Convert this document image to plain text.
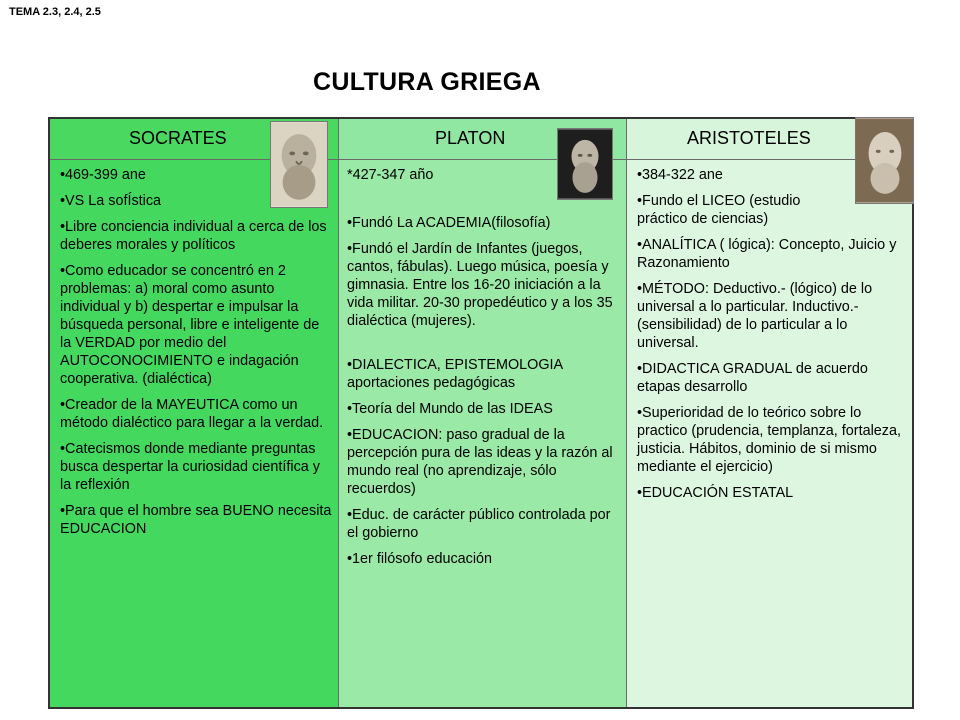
TEMA 2.3, 2.4, 2.5
CULTURA GRIEGA
SOCRATES
• 469-399 ane
• VS La sofÍstica
• Libre conciencia individual a cerca de los deberes morales y políticos
• Como educador se concentró en 2 problemas: a) moral como asunto individual y b) despertar e impulsar la búsqueda personal, libre e inteligente de la VERDAD por medio del AUTOCONOCIMIENTO e indagación cooperativa. (dialéctica)
• Creador de la MAYEUTICA como un método dialéctico para llegar a la verdad.
• Catecismos donde mediante preguntas busca despertar la curiosidad científica y la reflexión
• Para que el hombre sea BUENO necesita EDUCACION
PLATON
*427-347 año
• Fundó La ACADEMIA(filosofía)
• Fundó el Jardín de Infantes (juegos, cantos, fábulas). Luego música, poesía y gimnasia. Entre los 16-20 iniciación a la vida militar. 20-30 propedéutico y a los 35 dialéctica (mujeres).
• DIALECTICA, EPISTEMOLOGIA aportaciones pedagógicas
• Teoría del Mundo de las IDEAS
• EDUCACION: paso gradual de la percepción pura de las ideas y la razón al mundo real (no aprendizaje, sólo recuerdos)
• Educ. de carácter público controlada por el gobierno
• 1er filósofo educación
ARISTOTELES
• 384-322 ane
• Fundo el LICEO (estudio práctico de ciencias)
• ANALÍTICA ( lógica): Concepto, Juicio y Razonamiento
• MÉTODO: Deductivo.- (lógico) de lo universal a lo particular. Inductivo.-(sensibilidad) de lo particular a lo universal.
• DIDACTICA GRADUAL de acuerdo etapas desarrollo
• Superioridad de lo teórico sobre lo practico (prudencia, templanza, fortaleza, justicia. Hábitos, dominio de si mismo mediante el ejercicio)
• EDUCACIÓN ESTATAL
